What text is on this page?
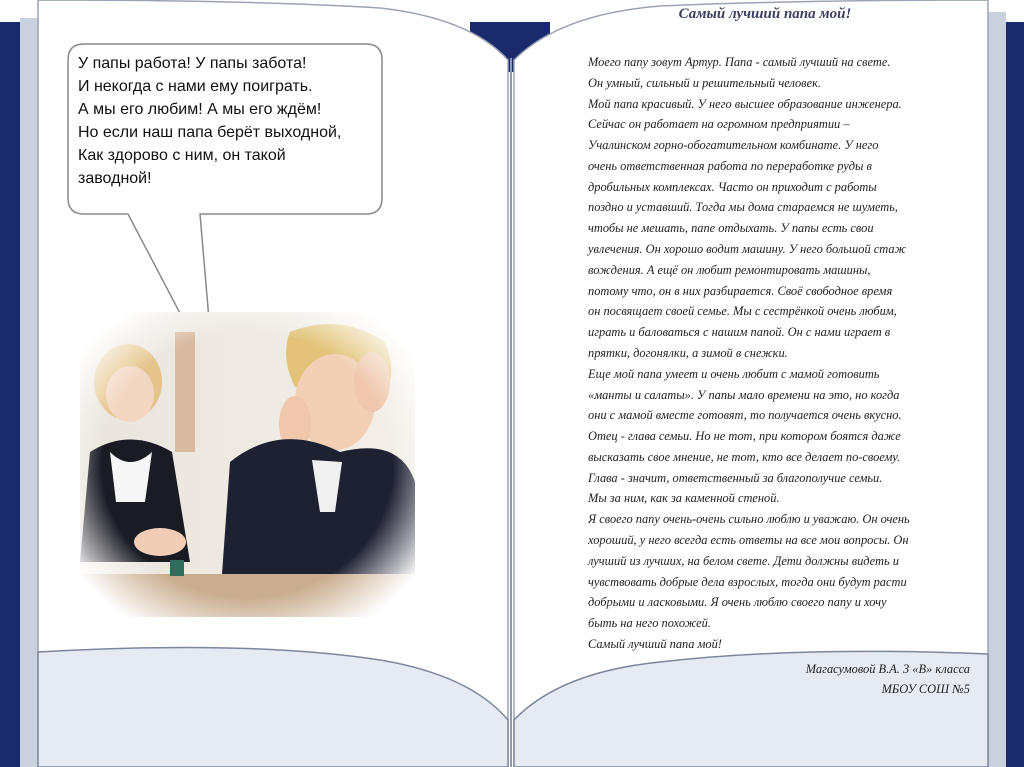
У папы работа! У папы забота!
И некогда с нами ему поиграть.
А мы его любим! А мы его ждём!
Но если наш папа берёт выходной,
Как здорово с ним, он такой
заводной!
Самый лучший папа мой!
Моего папу зовут Артур. Папа - самый лучший на свете.
Он умный, сильный и решительный человек.
Мой папа красивый. У него высшее образование инженера.
Сейчас он работает на огромном предприятии –
Учалинском горно-обогатительном комбинате. У него
очень ответственная работа по переработке руды в
дробильных комплексах. Часто он приходит с работы
поздно и уставший. Тогда мы дома стараемся не шуметь,
чтобы не мешать, папе отдыхать. У папы есть свои
увлечения. Он хорошо водит машину. У него большой стаж
вождения. А ещё он любит ремонтировать машины,
потому что, он в них разбирается. Своё свободное время
он посвящает своей семье. Мы с сестрёнкой очень любим,
играть и баловаться с нашим папой. Он с нами играет в
прятки, догонялки, а зимой в снежки.
Еще мой папа умеет и очень любит с мамой готовить
«манты и салаты». У папы мало времени на это, но когда
они с мамой вместе готовят, то получается очень вкусно.
Отец - глава семьи. Но не тот, при котором боятся даже
высказать свое мнение, не тот, кто все делает по-своему.
Глава - значит, ответственный за благополучие семьи.
Мы за ним, как за каменной стеной.
Я своего папу очень-очень сильно люблю и уважаю. Он очень
хороший, у него всегда есть ответы на все мои вопросы. Он
лучший из лучших, на белом свете. Дети должны видеть и
чувствовать добрые дела взрослых, тогда они будут расти
добрыми и ласковыми. Я очень люблю своего папу и хочу
быть на него похожей.
Самый лучший папа мой!
Магасумовой В.А. 3 «В» класса
МБОУ СОШ №5
